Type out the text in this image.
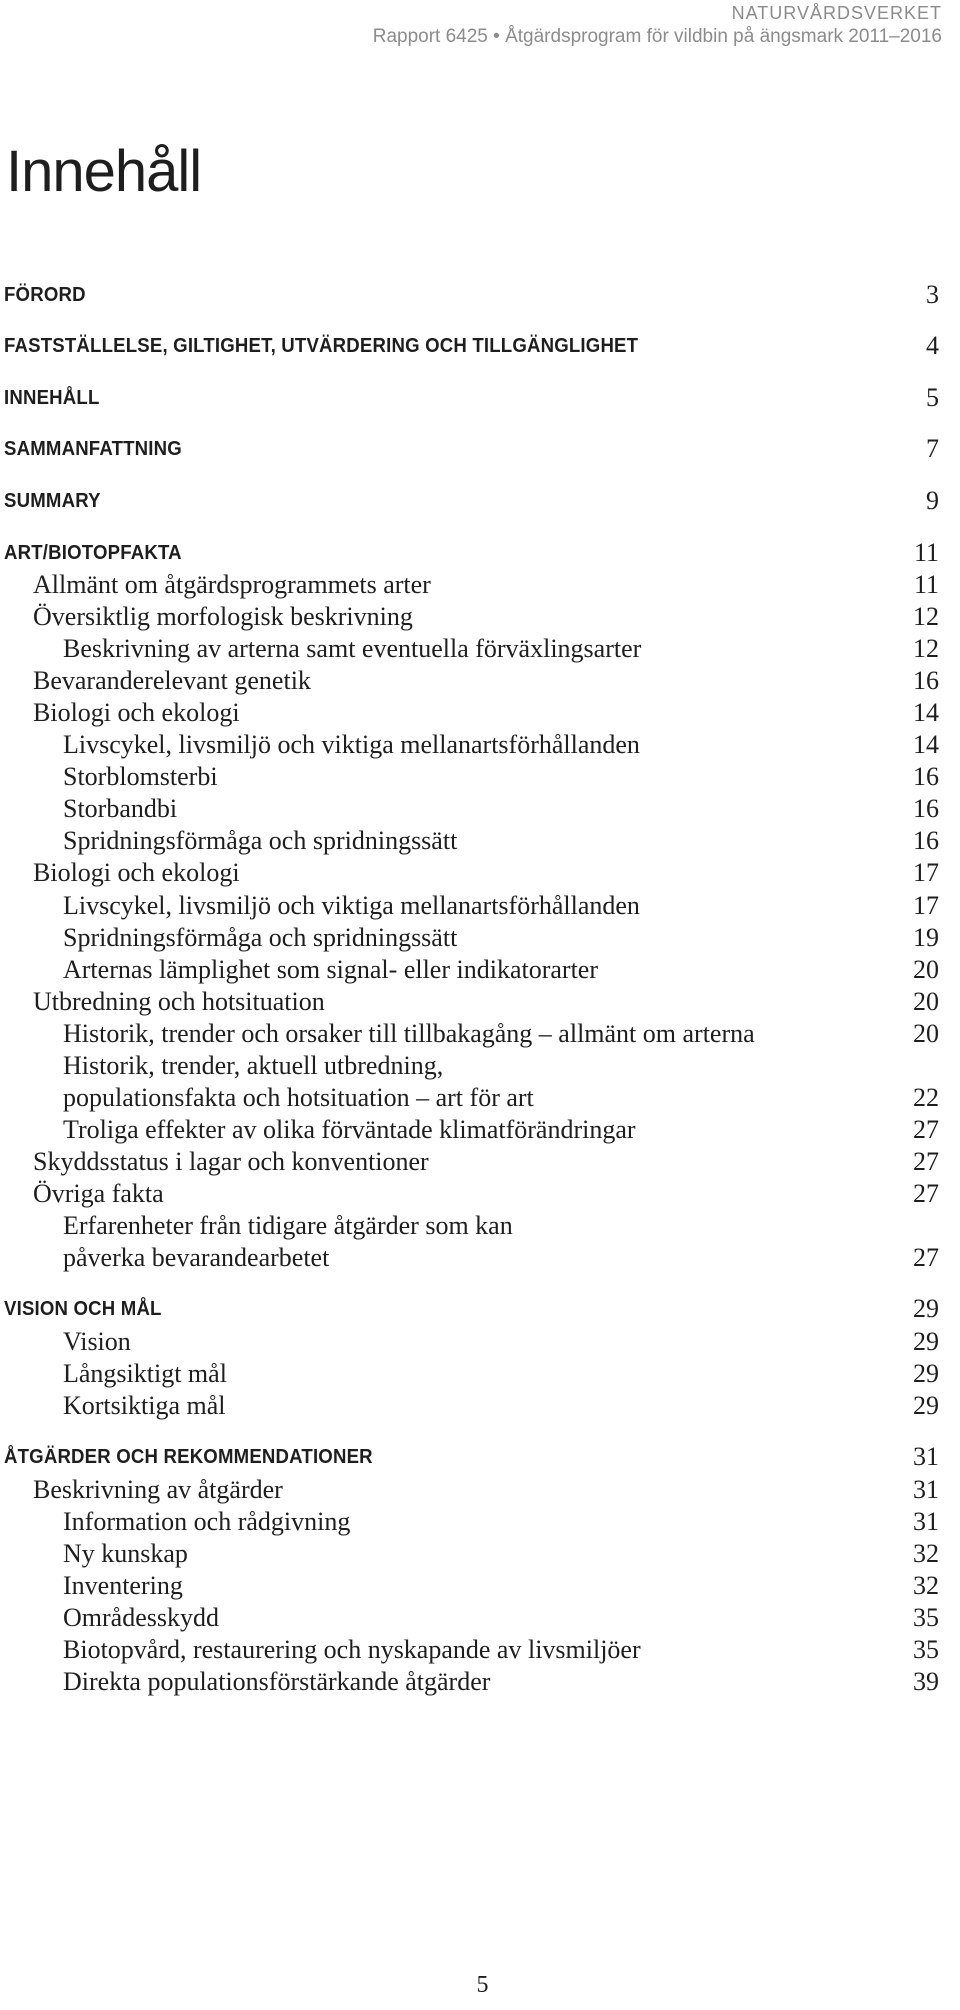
NATURVÅRDSVERKET
Rapport 6425 • Åtgärdsprogram för vildbin på ängsmark 2011–2016
Innehåll
FÖRORD	3
FASTSTÄLLELSE, GILTIGHET, UTVÄRDERING OCH TILLGÄNGLIGHET	4
INNEHÅLL	5
SAMMANFATTNING	7
SUMMARY	9
ART/BIOTOPFAKTA	11
Allmänt om åtgärdsprogrammets arter	11
Översiktlig morfologisk beskrivning	12
Beskrivning av arterna samt eventuella förväxlingsarter	12
Bevaranderelevant genetik	16
Biologi och ekologi	14
Livscykel, livsmiljö och viktiga mellanartsförhållanden	14
Storblomsterbi	16
Storbandbi	16
Spridningsförmåga och spridningssätt	16
Biologi och ekologi	17
Livscykel, livsmiljö och viktiga mellanartsförhållanden	17
Spridningsförmåga och spridningssätt	19
Arternas lämplighet som signal- eller indikatorarter	20
Utbredning och hotsituation	20
Historik, trender och orsaker till tillbakagång – allmänt om arterna	20
Historik, trender, aktuell utbredning,
populationsfakta och hotsituation – art för art	22
Troliga effekter av olika förväntade klimatförändringar	27
Skyddsstatus i lagar och konventioner	27
Övriga fakta	27
Erfarenheter från tidigare åtgärder som kan
påverka bevarandearbetet	27
VISION OCH MÅL	29
Vision	29
Långsiktigt mål	29
Kortsiktiga mål	29
ÅTGÄRDER OCH REKOMMENDATIONER	31
Beskrivning av åtgärder	31
Information och rådgivning	31
Ny kunskap	32
Inventering	32
Områdesskydd	35
Biotopvård, restaurering och nyskapande av livsmiljöer	35
Direkta populationsförstärkande åtgärder	39
5
